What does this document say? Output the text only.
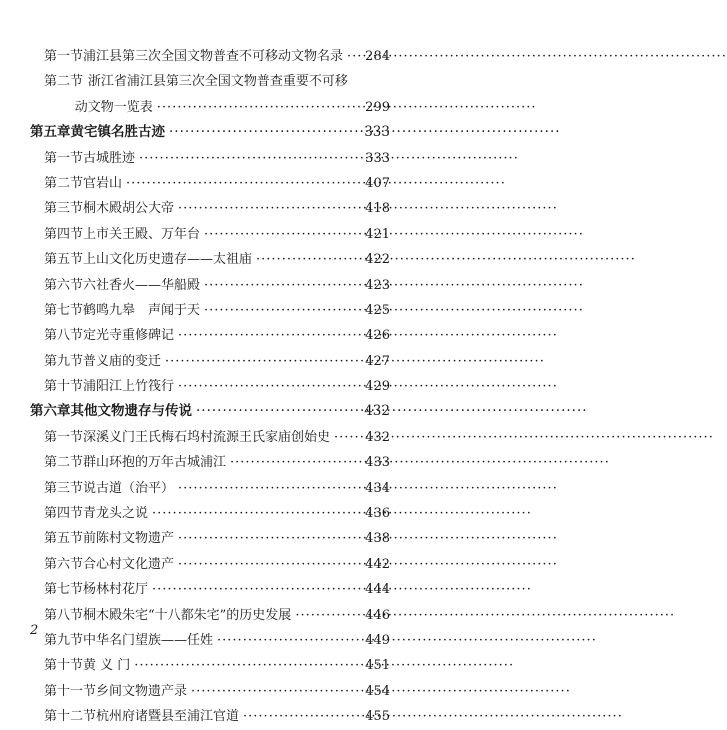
第一节 浦江县第三次全国文物普查不可移动文物名录 ····· 284
第二节 浙江省浦江县第三次全国文物普查重要不可移
动文物一览表 ·····	299
第五章 黄宅镇名胜古迹 ·····	333
第一节 古城胜迹 ·····	333
第二节 官岩山 ·····	407
第三节 桐木殿胡公大帝 ·····	418
第四节 上市关王殿、万年台 ·····	421
第五节 上山文化历史遗存——太祖庙 ·····	422
第六节 六社香火——华船殿 ·····	423
第七节 鹤鸣九皋　声闻于天 ·····	425
第八节 定光寺重修碑记 ·····	426
第九节 普义庙的变迁 ·····	427
第十节 浦阳江上竹筏行 ·····	429
第六章 其他文物遗存与传说 ·····	432
第一节 深溪义门王氏梅石坞村流源王氏家庙创始史 ·····	432
第二节 群山环抱的万年古城浦江 ·····	433
第三节 说古道（治平） ·····	434
第四节 青龙头之说 ·····	436
第五节 前陈村文物遗产 ·····	438
第六节 合心村文化遗产 ·····	442
第七节 杨林村花厅 ·····	444
第八节 桐木殿朱宅“十八都朱宅”的历史发展 ·····	446
第九节 中华名门望族——任姓 ·····	449
第十节 黄 义 门 ·····	451
第十一节 乡间文物遗产录 ·····	454
第十二节 杭州府诸暨县至浦江官道 ·····	455
2
